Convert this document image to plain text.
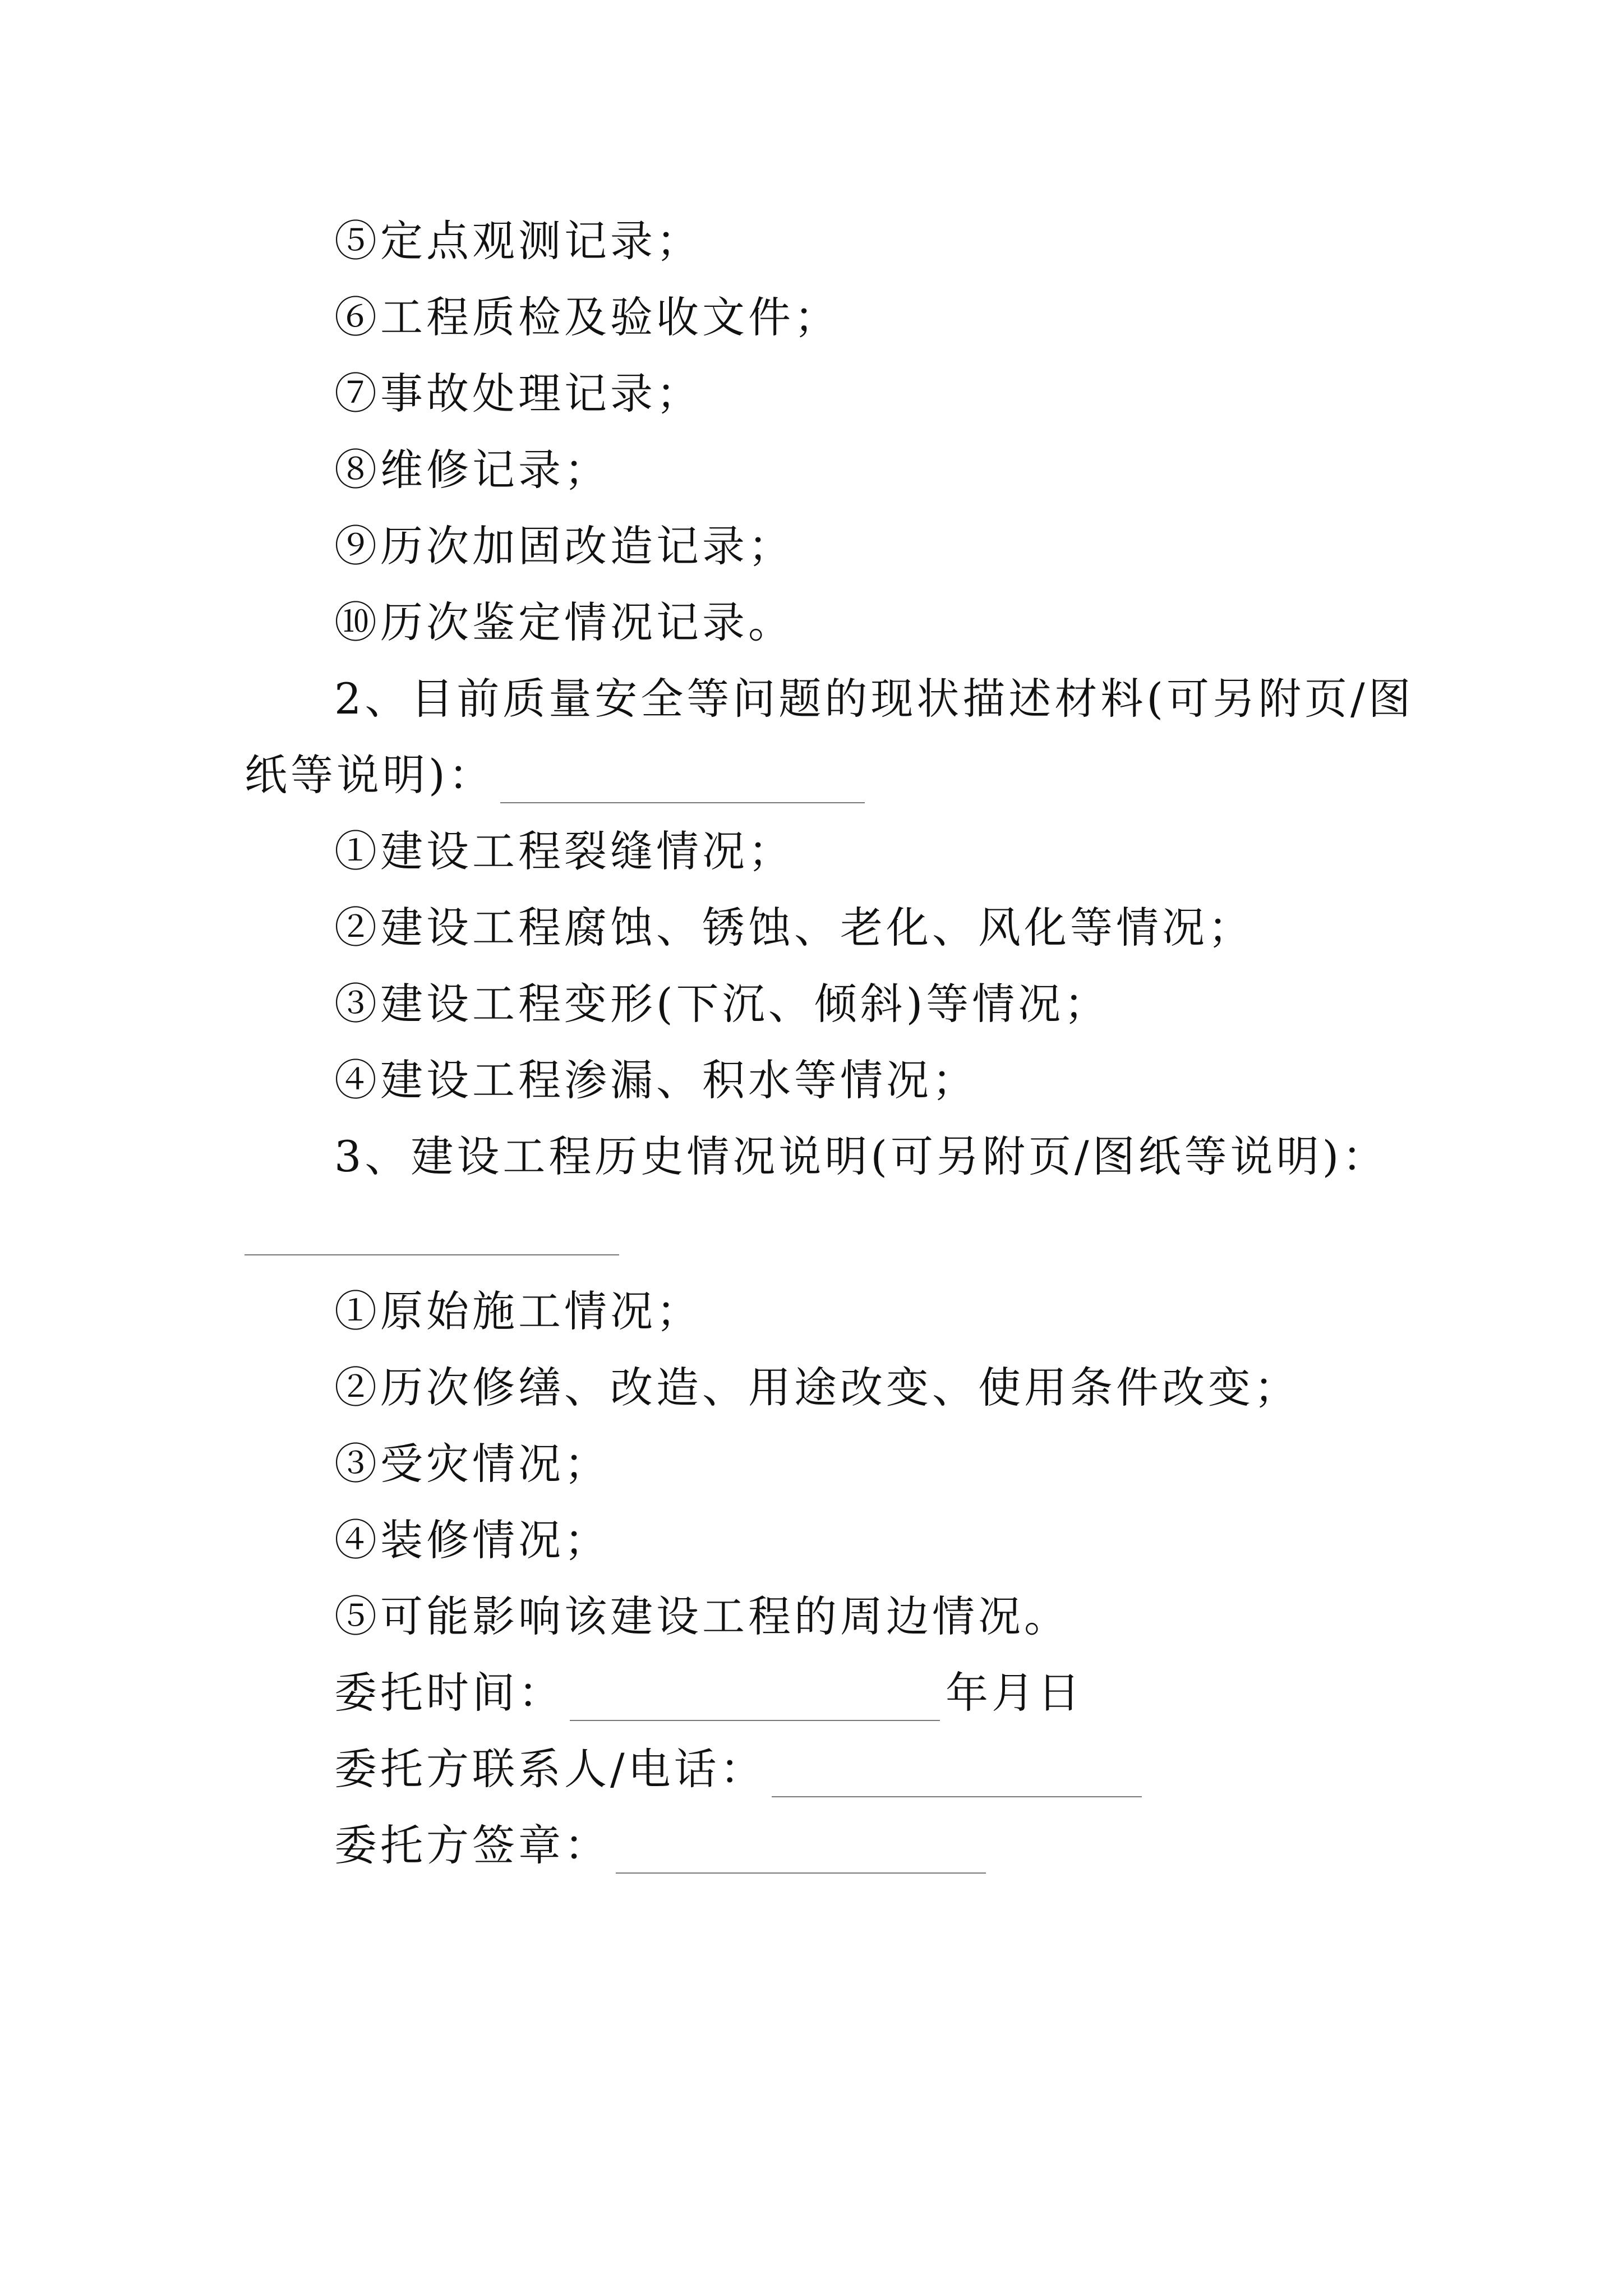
⑤定点观测记录；
⑥工程质检及验收文件；
⑦事故处理记录；
⑧维修记录；
⑨历次加固改造记录；
⑩历次鉴定情况记录。
2、目前质量安全等问题的现状描述材料(可另附页/图
纸等说明)：
①建设工程裂缝情况；
②建设工程腐蚀、锈蚀、老化、风化等情况；
③建设工程变形(下沉、倾斜)等情况；
④建设工程渗漏、积水等情况；
3、建设工程历史情况说明(可另附页/图纸等说明)：
①原始施工情况；
②历次修缮、改造、用途改变、使用条件改变；
③受灾情况；
④装修情况；
⑤可能影响该建设工程的周边情况。
委托时间：	年月日
委托方联系人/电话：
委托方签章：
